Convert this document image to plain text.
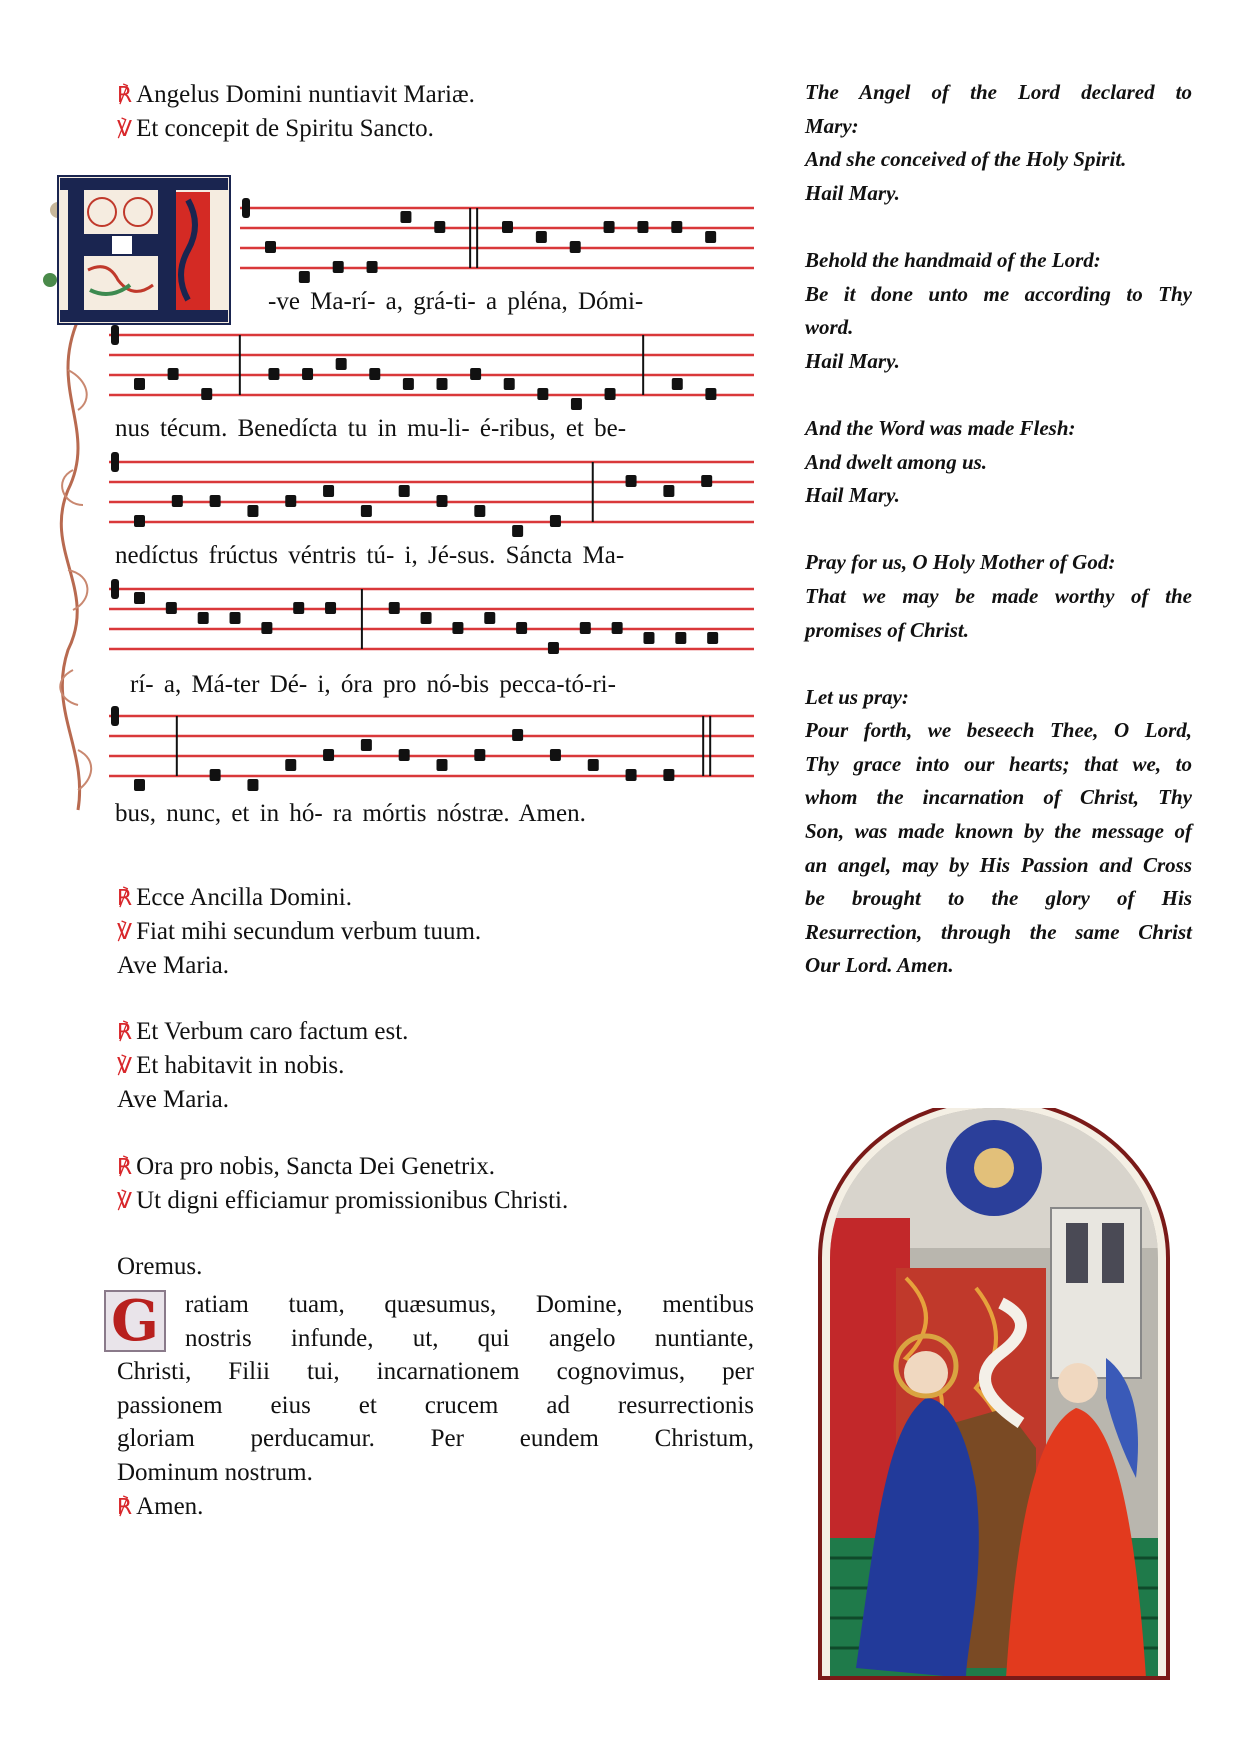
℟ Angelus Domini nuntiavit Mariæ.
℣ Et concepit de Spiritu Sancto.
-ve Ma-rí- a, grá-ti- a pléna, Dómi-
nus técum. Benedícta tu in mu-li- é-ribus, et be-
nedíctus frúctus véntris tú- i, Jé-sus. Sáncta Ma-
rí- a, Má-ter Dé- i, óra pro nó-bis pecca-tó-ri-
bus, nunc, et in hó- ra mórtis nóstræ. Amen.
℟ Ecce Ancilla Domini.
℣ Fiat mihi secundum verbum tuum.
Ave Maria.
℟ Et Verbum caro factum est.
℣ Et habitavit in nobis.
Ave Maria.
℟ Ora pro nobis, Sancta Dei Genetrix.
℣ Ut digni efficiamur promissionibus Christi.
Oremus.
G ratiam tuam, quæsumus, Domine, mentibus
nostris infunde, ut, qui angelo nuntiante,
Christi, Filii tui, incarnationem cognovimus, per
passionem eius et crucem ad resurrectionis
gloriam perducamur. Per eundem Christum,
Dominum nostrum.
℟ Amen.
The Angel of the Lord declared to
Mary:
And she conceived of the Holy Spirit.
Hail Mary.
Behold the handmaid of the Lord:
Be it done unto me according to Thy
word.
Hail Mary.
And the Word was made Flesh:
And dwelt among us.
Hail Mary.
Pray for us, O Holy Mother of God:
That we may be made worthy of the
promises of Christ.
Let us pray:
Pour forth, we beseech Thee, O Lord,
Thy grace into our hearts; that we, to
whom the incarnation of Christ, Thy
Son, was made known by the message of
an angel, may by His Passion and Cross
be brought to the glory of His
Resurrection, through the same Christ
Our Lord. Amen.
